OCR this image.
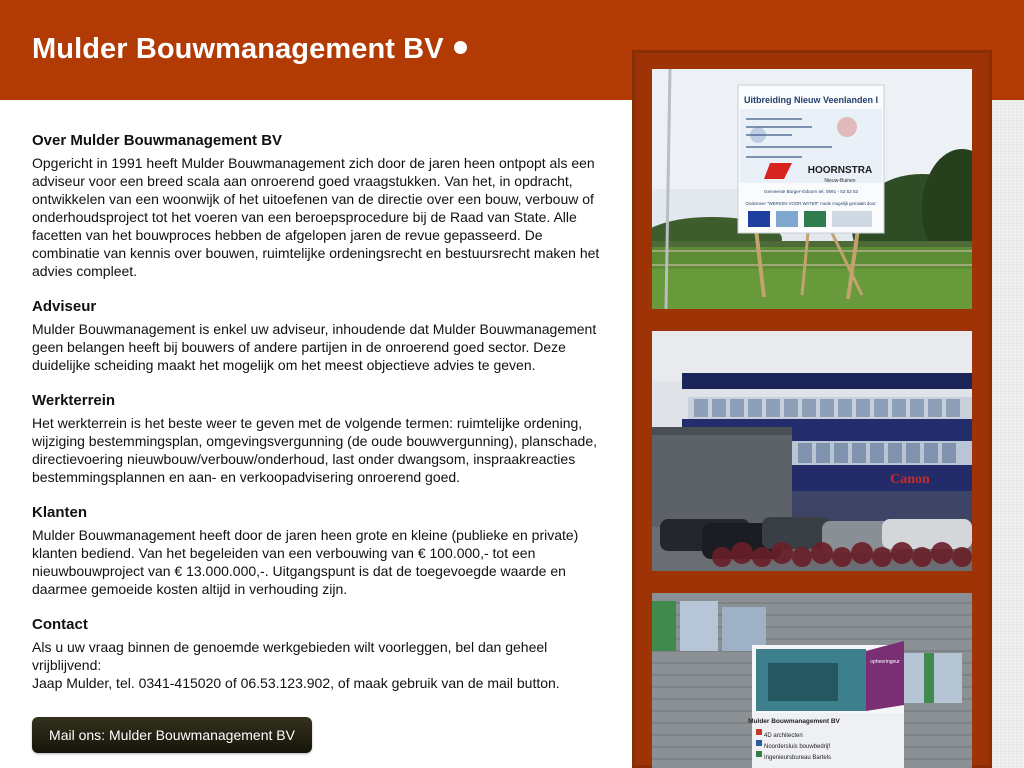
Mulder Bouwmanagement BV
Over Mulder Bouwmanagement BV

Opgericht in 1991 heeft Mulder Bouwmanagement zich door de jaren heen ontpopt als een adviseur voor een breed scala aan onroerend goed vraagstukken. Van het, in opdracht, ontwikkelen van een woonwijk of het uitoefenen van de directie over een bouw, verbouw of onderhoudsproject tot het voeren van een beroepsprocedure bij de Raad van State. Alle facetten van het bouwproces hebben de afgelopen jaren de revue gepasseerd. De combinatie van kennis over bouwen, ruimtelijke ordeningsrecht en bestuursrecht maken het advies compleet.

Adviseur

Mulder Bouwmanagement is enkel uw adviseur, inhoudende dat Mulder Bouwmanagement geen belangen heeft bij bouwers of andere partijen in de onroerend goed sector. Deze duidelijke scheiding maakt het mogelijk om het meest objectieve advies te geven.

Werkterrein

Het werkterrein is het beste weer te geven met de volgende termen: ruimtelijke ordening, wijziging bestemmingsplan, omgevingsvergunning (de oude bouwvergunning), planschade, directievoering nieuwbouw/verbouw/onderhoud, last onder dwangsom, inspraakreacties bestemmingsplannen en aan- en verkoopadvisering onroerend goed.

Klanten

Mulder Bouwmanagement heeft door de jaren heen grote en kleine (publieke en private) klanten bediend. Van het begeleiden van een verbouwing van € 100.000,- tot een nieuwbouwproject van € 13.000.000,-. Uitgangspunt is dat de toegevoegde waarde en daarmee gemoeide kosten altijd in verhouding zijn.

Contact

Als u uw vraag binnen de genoemde werkgebieden wilt voorleggen, bel dan geheel vrijblijvend:

Jaap Mulder, tel. 0341-415020 of 06.53.123.902, of maak gebruik van de mail button.

Mail ons: Mulder Bouwmanagement BV
Uitbreiding Nieuw Veenlanden I
HOORNSTRA
Nieuw-Buinen
Gemeente Borger-Odoorn tel. 0591 - 53 53 53
Onderneer "WERKEN VOOR WATER" mede mogelijk gemaakt door:
Canon
opheeringeur
Mulder Bouwmanagement BV
4D architecten
Noordersluis bouwbedrijf
Ingenieursbureau Bartels
